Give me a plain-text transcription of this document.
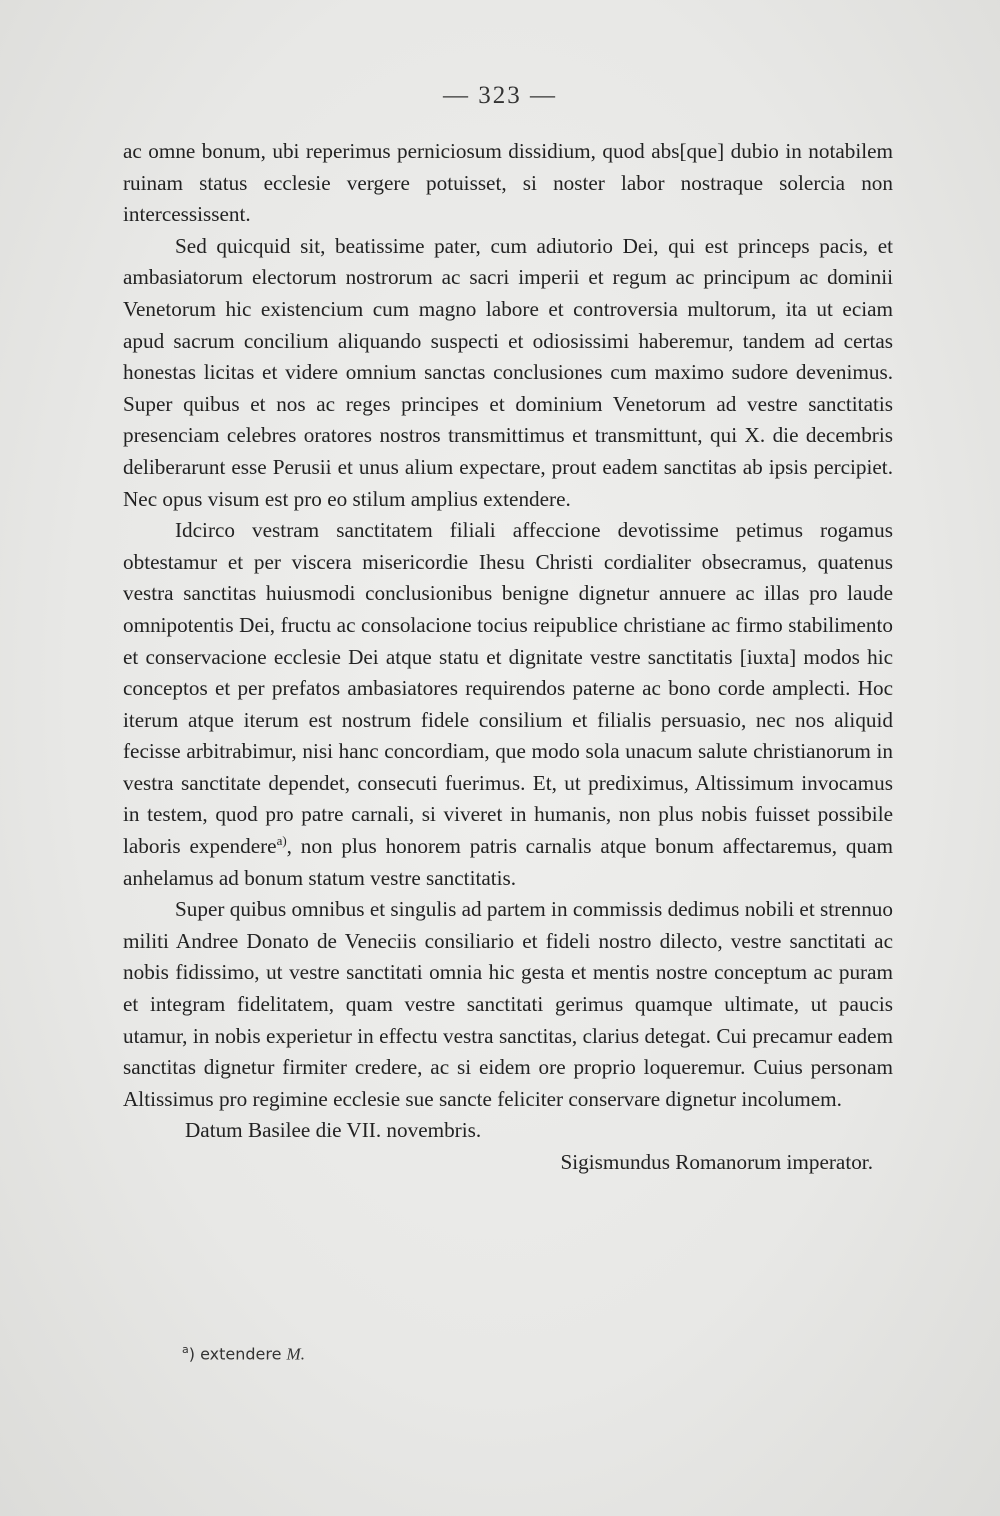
— 323 —

ac omne bonum, ubi reperimus perniciosum dissidium, quod abs[que] dubio in notabilem ruinam status ecclesie vergere potuisset, si noster labor nostraque solercia non intercessissent.

Sed quicquid sit, beatissime pater, cum adiutorio Dei, qui est princeps pacis, et ambasiatorum electorum nostrorum ac sacri imperii et regum ac principum ac dominii Venetorum hic existencium cum magno labore et controversia multorum, ita ut eciam apud sacrum concilium aliquando suspecti et odiosissimi haberemur, tandem ad certas honestas licitas et videre omnium sanctas conclusiones cum maximo sudore devenimus. Super quibus et nos ac reges principes et dominium Venetorum ad vestre sanctitatis presenciam celebres oratores nostros transmittimus et transmittunt, qui X. die decembris deliberarunt esse Perusii et unus alium expectare, prout eadem sanctitas ab ipsis percipiet. Nec opus visum est pro eo stilum amplius extendere.

Idcirco vestram sanctitatem filiali affeccione devotissime petimus rogamus obtestamur et per viscera misericordie Ihesu Christi cordialiter obsecramus, quatenus vestra sanctitas huiusmodi conclusionibus benigne dignetur annuere ac illas pro laude omnipotentis Dei, fructu ac consolacione tocius reipublice christiane ac firmo stabilimento et conservacione ecclesie Dei atque statu et dignitate vestre sanctitatis [iuxta] modos hic conceptos et per prefatos ambasiatores requirendos paterne ac bono corde amplecti. Hoc iterum atque iterum est nostrum fidele consilium et filialis persuasio, nec nos aliquid fecisse arbitrabimur, nisi hanc concordiam, que modo sola unacum salute christianorum in vestra sanctitate dependet, consecuti fuerimus. Et, ut prediximus, Altissimum invocamus in testem, quod pro patre carnali, si viveret in humanis, non plus nobis fuisset possibile laboris expendere$^{a)}$, non plus honorem patris carnalis atque bonum affectaremus, quam anhelamus ad bonum statum vestre sanctitatis.

Super quibus omnibus et singulis ad partem in commissis dedimus nobili et strennuo militi Andree Donato de Veneciis consiliario et fideli nostro dilecto, vestre sanctitati ac nobis fidissimo, ut vestre sanctitati omnia hic gesta et mentis nostre conceptum ac puram et integram fidelitatem, quam vestre sanctitati gerimus quamque ultimate, ut paucis utamur, in nobis experietur in effectu vestra sanctitas, clarius detegat. Cui precamur eadem sanctitas dignetur firmiter credere, ac si eidem ore proprio loqueremur. Cuius personam Altissimus pro regimine ecclesie sue sancte feliciter conservare dignetur incolumem.

Datum Basilee die VII. novembris.

Sigismundus Romanorum imperator.

$^a$) extendere M.
